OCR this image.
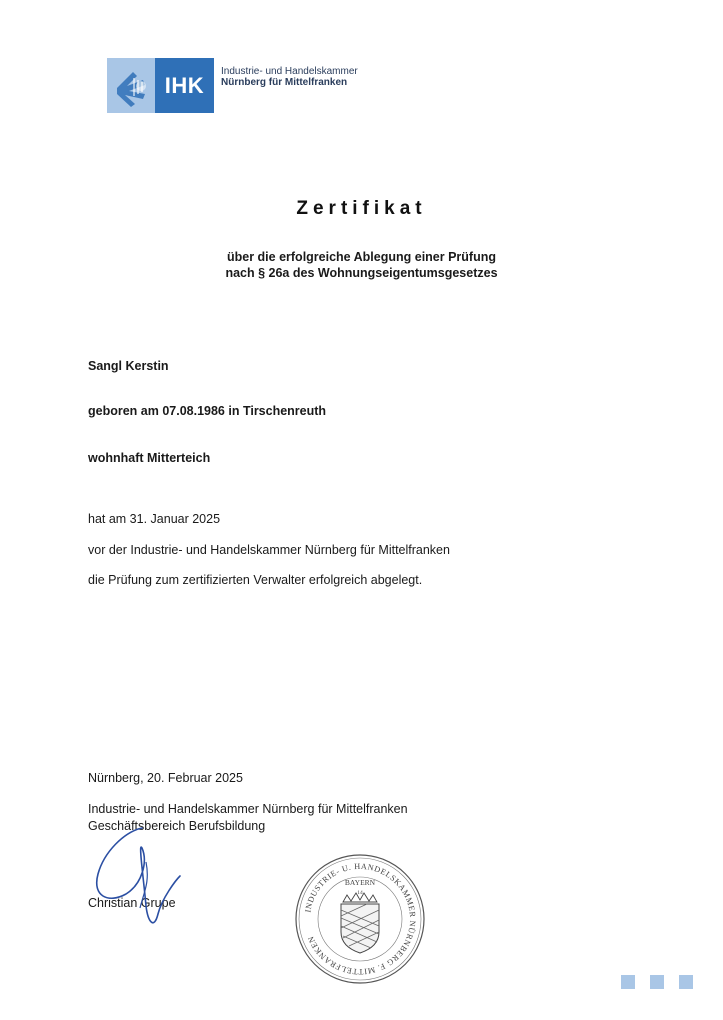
IHK
Industrie- und Handelskammer
Nürnberg für Mittelfranken
Zertifikat
über die erfolgreiche Ablegung einer Prüfung
nach § 26a des Wohnungseigentumsgesetzes
Sangl Kerstin
geboren am 07.08.1986 in Tirschenreuth
wohnhaft Mitterteich
hat am 31. Januar 2025
vor der Industrie- und Handelskammer Nürnberg für Mittelfranken
die Prüfung zum zertifizierten Verwalter erfolgreich abgelegt.
Nürnberg, 20. Februar 2025
Industrie- und Handelskammer Nürnberg für Mittelfranken
Geschäftsbereich Berufsbildung
Christian Grupe
INDUSTRIE- U. HANDELSKAMMER NÜRNBERG F. MITTELFRANKEN
BAYERN
14
